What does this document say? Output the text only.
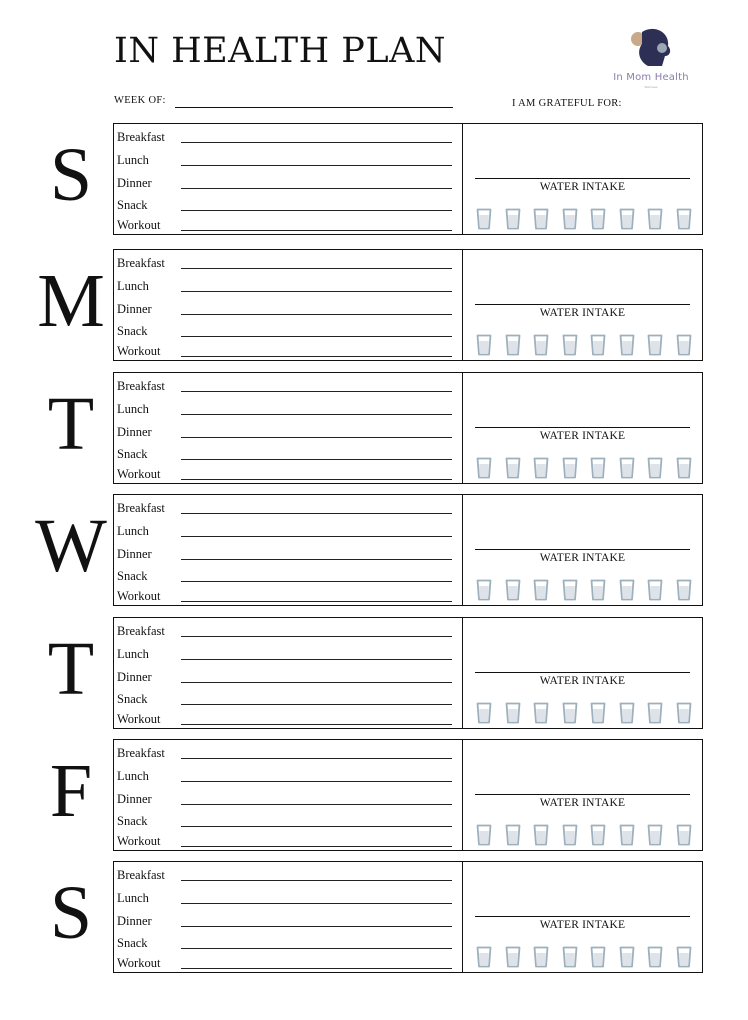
IN HEALTH PLAN
In Mom Health
Wellness
WEEK OF:	I AM GRATEFUL FOR:
S	Breakfast
Lunch
Dinner
Snack
Workout
WATER INTAKE
M Breakfast
Lunch
Dinner
Snack
Workout
WATER INTAKE
T	Breakfast
Lunch
Dinner
Snack
Workout
WATER INTAKE
W Breakfast
Lunch
Dinner
Snack
Workout
WATER INTAKE
T	Breakfast
Lunch
Dinner
Snack
Workout
WATER INTAKE
F	Breakfast
Lunch
Dinner
Snack
Workout
WATER INTAKE
S	Breakfast
Lunch
Dinner
Snack
Workout
WATER INTAKE
